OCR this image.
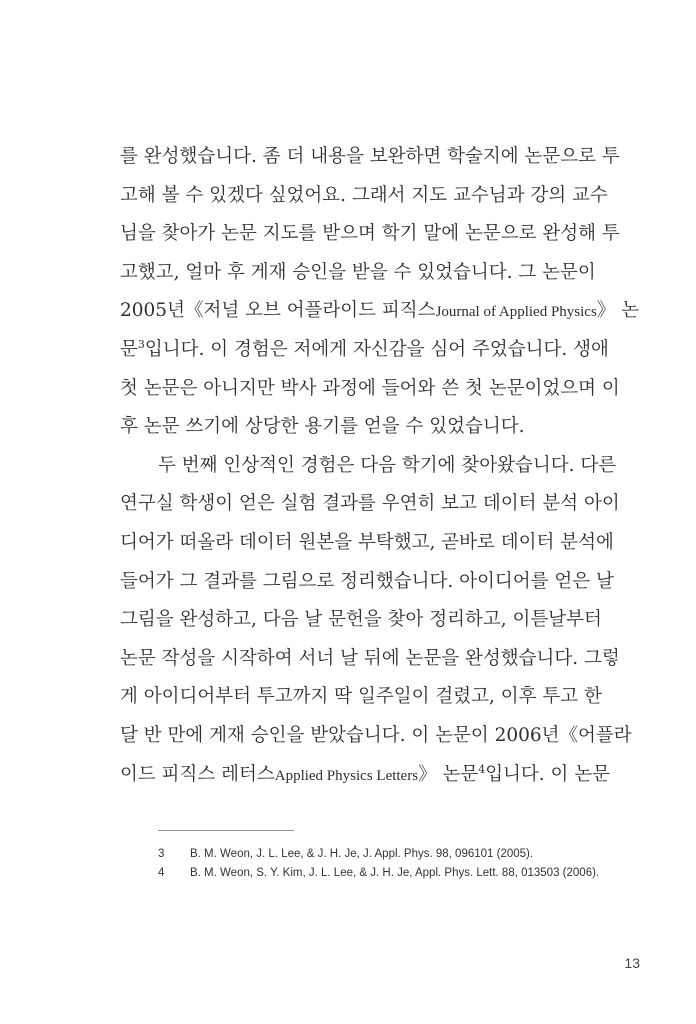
를 완성했습니다. 좀 더 내용을 보완하면 학술지에 논문으로 투
고해 볼 수 있겠다 싶었어요. 그래서 지도 교수님과 강의 교수
님을 찾아가 논문 지도를 받으며 학기 말에 논문으로 완성해 투
고했고, 얼마 후 게재 승인을 받을 수 있었습니다. 그 논문이
2005년《저널 오브 어플라이드 피직스Journal of Applied Physics》 논
문$^3$입니다. 이 경험은 저에게 자신감을 심어 주었습니다. 생애
첫 논문은 아니지만 박사 과정에 들어와 쓴 첫 논문이었으며 이
후 논문 쓰기에 상당한 용기를 얻을 수 있었습니다.
두 번째 인상적인 경험은 다음 학기에 찾아왔습니다. 다른
연구실 학생이 얻은 실험 결과를 우연히 보고 데이터 분석 아이
디어가 떠올라 데이터 원본을 부탁했고, 곧바로 데이터 분석에
들어가 그 결과를 그림으로 정리했습니다. 아이디어를 얻은 날
그림을 완성하고, 다음 날 문헌을 찾아 정리하고, 이튿날부터
논문 작성을 시작하여 서너 날 뒤에 논문을 완성했습니다. 그렇
게 아이디어부터 투고까지 딱 일주일이 걸렸고, 이후 투고 한
달 반 만에 게재 승인을 받았습니다. 이 논문이 2006년《어플라
이드 피직스 레터스Applied Physics Letters》 논문$^4$입니다. 이 논문
3	B. M. Weon, J. L. Lee, & J. H. Je, J. Appl. Phys. 98, 096101 (2005).
4	B. M. Weon, S. Y. Kim, J. L. Lee, & J. H. Je, Appl. Phys. Lett. 88, 013503 (2006).
13
